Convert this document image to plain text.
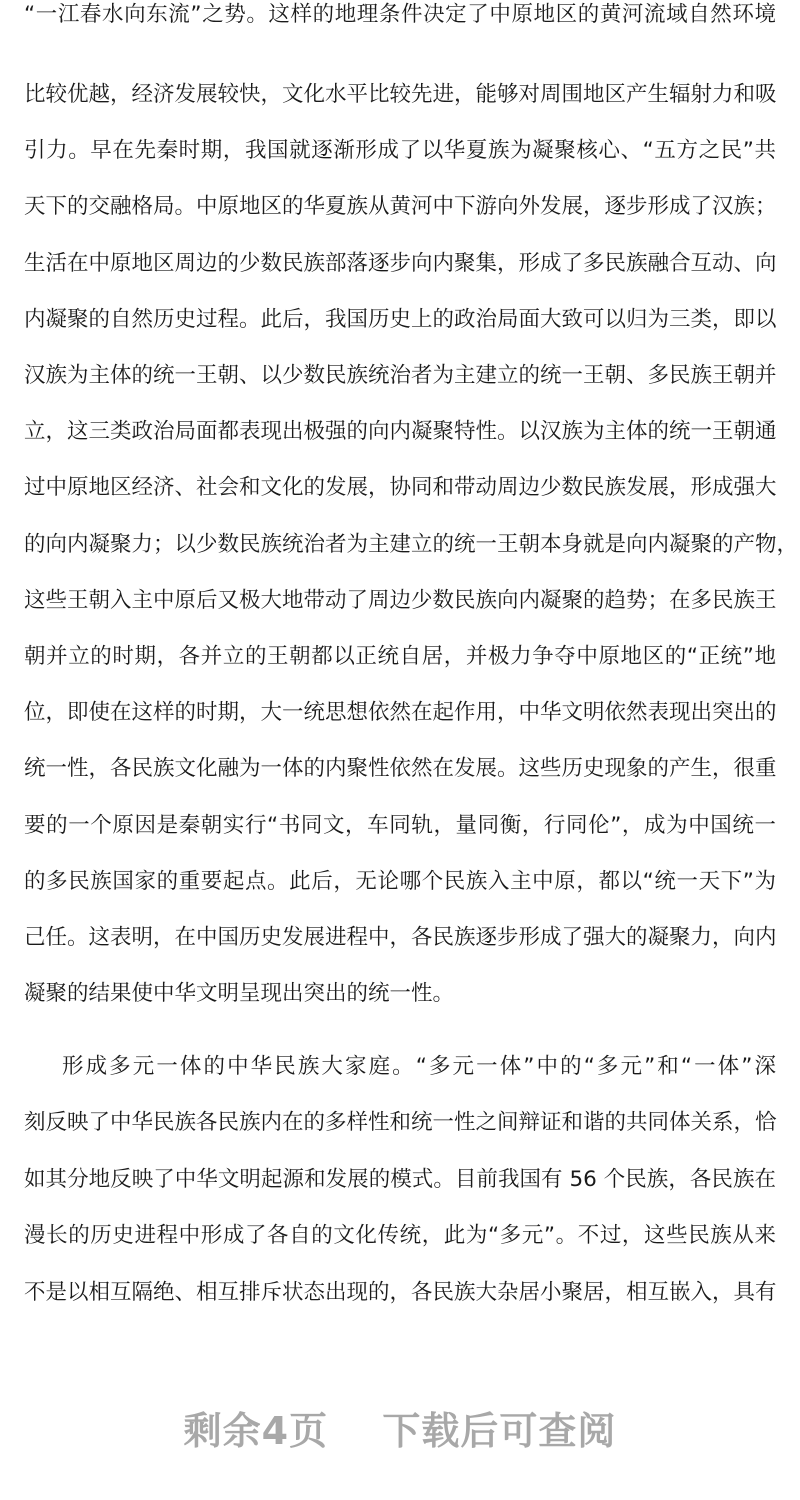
“一江春水向东流”之势。这样的地理条件决定了中原地区的黄河流域自然环境
比较优越，经济发展较快，文化水平比较先进，能够对周围地区产生辐射力和吸
引力。早在先秦时期，我国就逐渐形成了以华夏族为凝聚核心、“五方之民”共
天下的交融格局。中原地区的华夏族从黄河中下游向外发展，逐步形成了汉族；
生活在中原地区周边的少数民族部落逐步向内聚集，形成了多民族融合互动、向
内凝聚的自然历史过程。此后，我国历史上的政治局面大致可以归为三类，即以
汉族为主体的统一王朝、以少数民族统治者为主建立的统一王朝、多民族王朝并
立，这三类政治局面都表现出极强的向内凝聚特性。以汉族为主体的统一王朝通
过中原地区经济、社会和文化的发展，协同和带动周边少数民族发展，形成强大
的向内凝聚力；以少数民族统治者为主建立的统一王朝本身就是向内凝聚的产物，
这些王朝入主中原后又极大地带动了周边少数民族向内凝聚的趋势；在多民族王
朝并立的时期，各并立的王朝都以正统自居，并极力争夺中原地区的“正统”地
位，即使在这样的时期，大一统思想依然在起作用，中华文明依然表现出突出的
统一性，各民族文化融为一体的内聚性依然在发展。这些历史现象的产生，很重
要的一个原因是秦朝实行“书同文，车同轨，量同衡，行同伦”，成为中国统一
的多民族国家的重要起点。此后，无论哪个民族入主中原，都以“统一天下”为
己任。这表明，在中国历史发展进程中，各民族逐步形成了强大的凝聚力，向内
凝聚的结果使中华文明呈现出突出的统一性。
形成多元一体的中华民族大家庭。“多元一体”中的“多元”和“一体”深
刻反映了中华民族各民族内在的多样性和统一性之间辩证和谐的共同体关系，恰
如其分地反映了中华文明起源和发展的模式。目前我国有 56 个民族，各民族在
漫长的历史进程中形成了各自的文化传统，此为“多元”。不过，这些民族从来
不是以相互隔绝、相互排斥状态出现的，各民族大杂居小聚居，相互嵌入，具有
剩余4页 下载后可查阅
